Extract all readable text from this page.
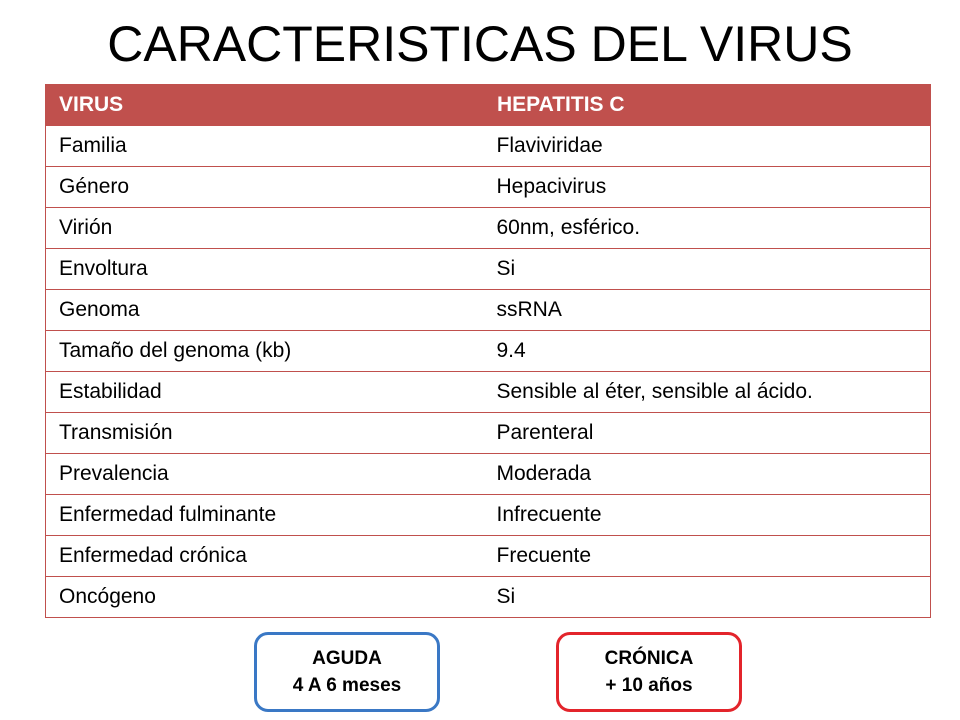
CARACTERISTICAS DEL VIRUS
VIRUS	HEPATITIS C
Familia	Flaviviridae
Género	Hepacivirus
Virión	60nm, esférico.
Envoltura	Si
Genoma	ssRNA
Tamaño del genoma (kb)	9.4
Estabilidad	Sensible al éter, sensible al ácido.
Transmisión	Parenteral
Prevalencia	Moderada
Enfermedad fulminante	Infrecuente
Enfermedad crónica	Frecuente
Oncógeno	Si
AGUDA
4 A 6 meses
CRÓNICA
+ 10 años
